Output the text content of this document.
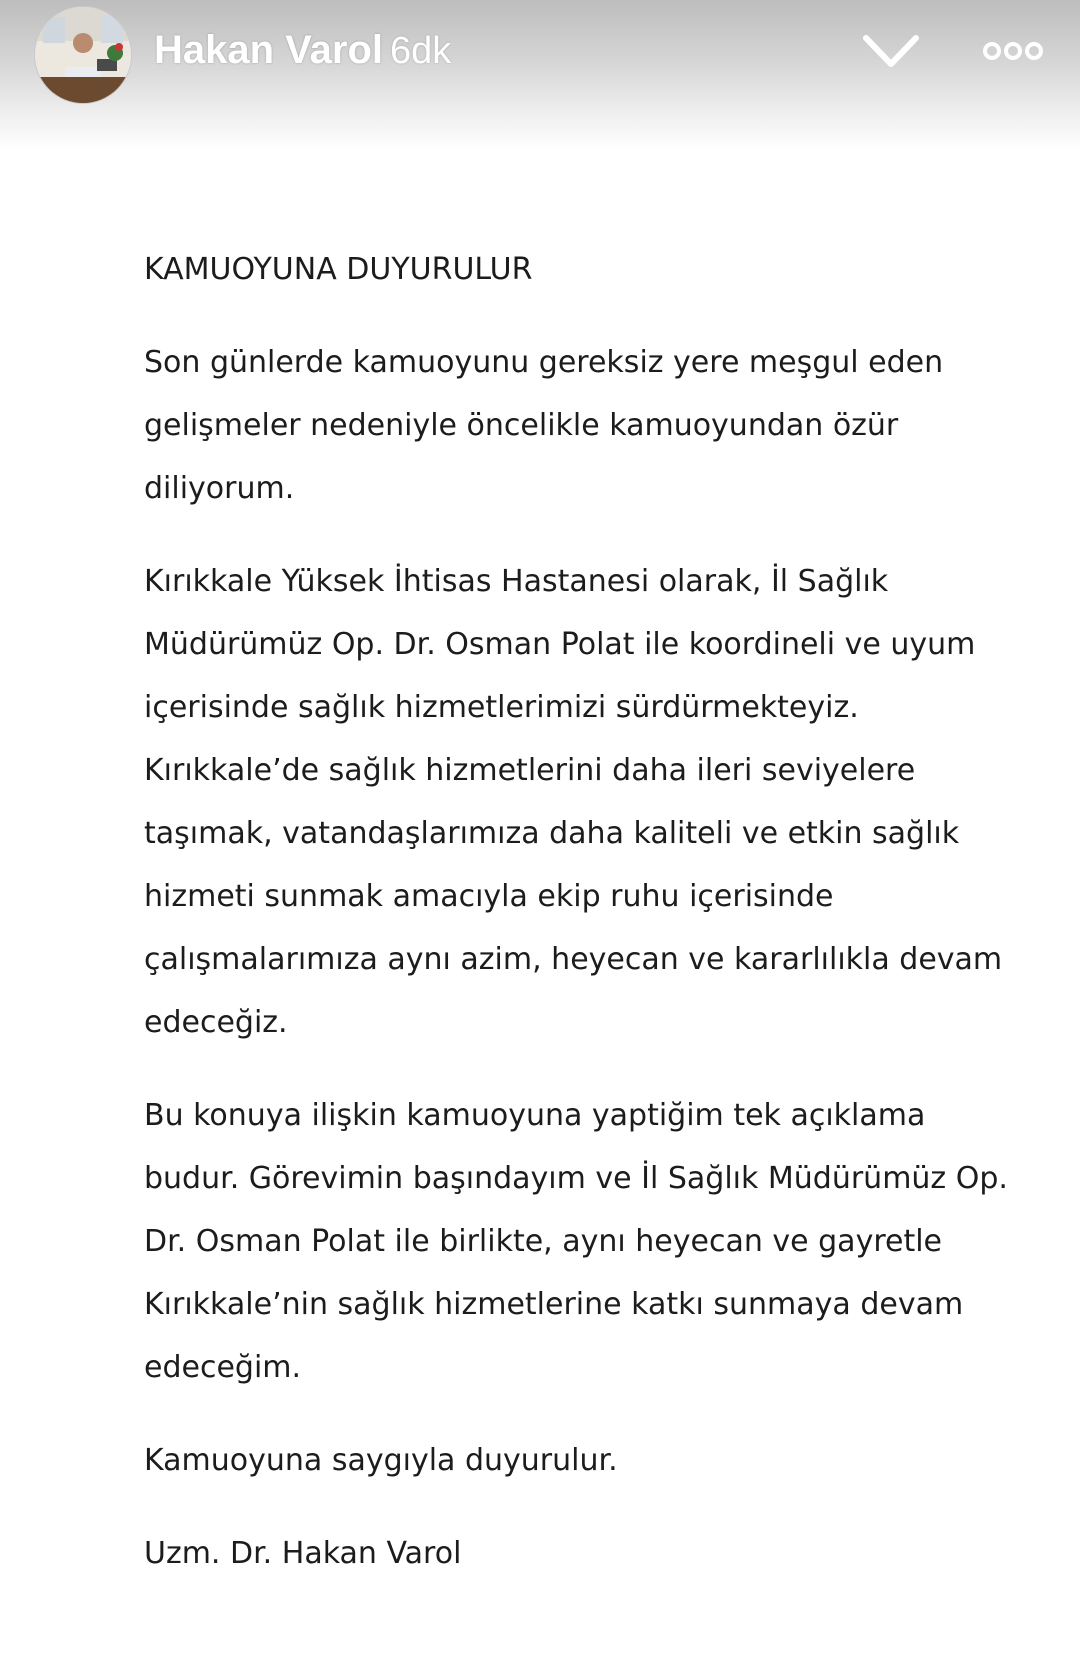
Hakan Varol 6dk

KAMUOYUNA DUYURULUR

Son günlerde kamuoyunu gereksiz yere meşgul eden

gelişmeler nedeniyle öncelikle kamuoyundan özür

diliyorum.

Kırıkkale Yüksek İhtisas Hastanesi olarak, İl Sağlık

Müdürümüz Op. Dr. Osman Polat ile koordineli ve uyum

içerisinde sağlık hizmetlerimizi sürdürmekteyiz.

Kırıkkale’de sağlık hizmetlerini daha ileri seviyelere

taşımak, vatandaşlarımıza daha kaliteli ve etkin sağlık

hizmeti sunmak amacıyla ekip ruhu içerisinde

çalışmalarımıza aynı azim, heyecan ve kararlılıkla devam

edeceğiz.

Bu konuya ilişkin kamuoyuna yaptiğim tek açıklama

budur. Görevimin başındayım ve İl Sağlık Müdürümüz Op.

Dr. Osman Polat ile birlikte, aynı heyecan ve gayretle

Kırıkkale’nin sağlık hizmetlerine katkı sunmaya devam

edeceğim.

Kamuoyuna saygıyla duyurulur.

Uzm. Dr. Hakan Varol
